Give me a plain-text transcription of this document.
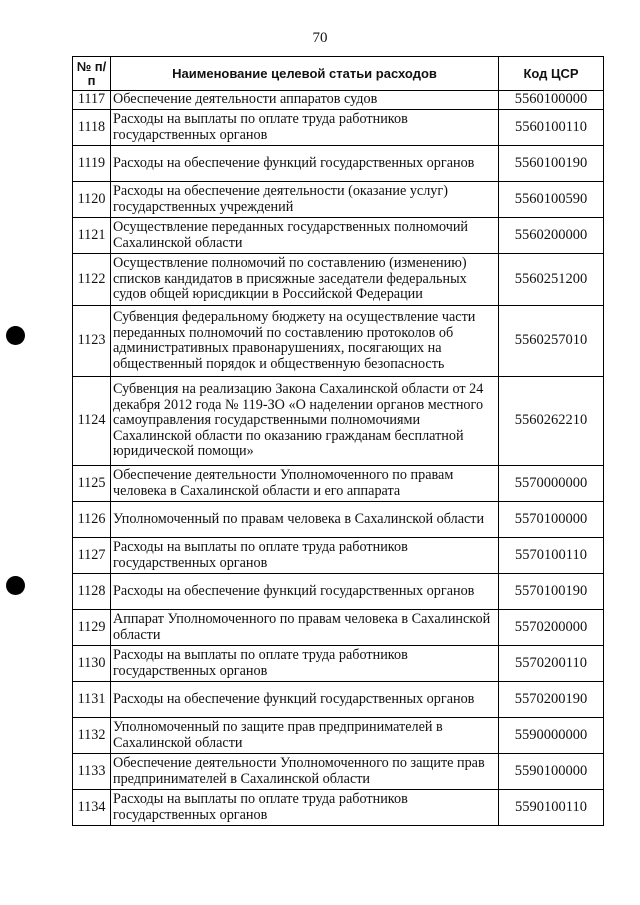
70
№ п/п	Наименование целевой статьи расходов	Код ЦСР
1117	Обеспечение деятельности аппаратов судов	5560100000
1118	Расходы на выплаты по оплате труда работников государственных органов	5560100110
1119	Расходы на обеспечение функций государственных органов	5560100190
1120	Расходы на обеспечение деятельности (оказание услуг) государственных учреждений	5560100590
1121	Осуществление переданных государственных полномочий Сахалинской области	5560200000
1122	Осуществление полномочий по составлению (изменению) списков кандидатов в присяжные заседатели федеральных судов общей юрисдикции в Российской Федерации	5560251200
1123	Субвенция федеральному бюджету на осуществление части переданных полномочий по составлению протоколов об административных правонарушениях, посягающих на общественный порядок и общественную безопасность	5560257010
1124	Субвенция на реализацию Закона Сахалинской области от 24 декабря 2012 года № 119-ЗО «О наделении органов местного самоуправления государственными полномочиями Сахалинской области по оказанию гражданам бесплатной юридической помощи»	5560262210
1125	Обеспечение деятельности Уполномоченного по правам человека в Сахалинской области и его аппарата	5570000000
1126	Уполномоченный по правам человека в Сахалинской области	5570100000
1127	Расходы на выплаты по оплате труда работников государственных органов	5570100110
1128	Расходы на обеспечение функций государственных органов	5570100190
1129	Аппарат Уполномоченного по правам человека в Сахалинской области	5570200000
1130	Расходы на выплаты по оплате труда работников государственных органов	5570200110
1131	Расходы на обеспечение функций государственных органов	5570200190
1132	Уполномоченный по защите прав предпринимателей в Сахалинской области	5590000000
1133	Обеспечение деятельности Уполномоченного по защите прав предпринимателей в Сахалинской области	5590100000
1134	Расходы на выплаты по оплате труда работников государственных органов	5590100110
